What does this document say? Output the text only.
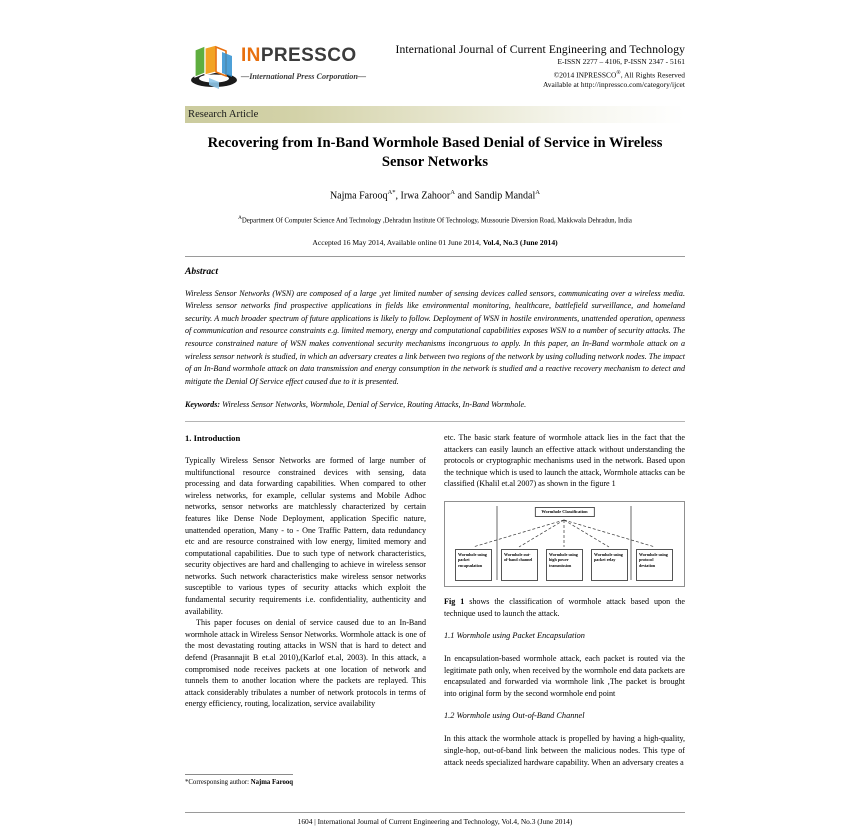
INPRESSCO —International Press Corporation—
International Journal of Current Engineering and Technology
E-ISSN 2277 – 4106, P-ISSN 2347 - 5161
©2014 INPRESSCO®, All Rights Reserved
Available at http://inpressco.com/category/ijcet
Research Article
Recovering from In-Band Wormhole Based Denial of Service in Wireless Sensor Networks
Najma Farooq$^{A*}$, Irwa Zahoor$^A$ and Sandip Mandal$^A$
$^A$Department Of Computer Science And Technology ,Dehradun Institute Of Technology, Mussourie Diversion Road, Makkwala Dehradun, India
Accepted 16 May 2014, Available online 01 June 2014, Vol.4, No.3 (June 2014)
Abstract

Wireless Sensor Networks (WSN) are composed of a large ,yet limited number of sensing devices called sensors, communicating over a wireless media. Wireless sensor networks find prospective applications in fields like environmental monitoring, healthcare, battlefield surveillance, and homeland security. A much broader spectrum of future applications is likely to follow. Deployment of WSN in hostile environments, unattended operation, openness of communication and resource constraints e.g. limited memory, energy and computational capabilities exposes WSN to a number of security attacks. The resource constrained nature of WSN makes conventional security mechanisms incongruous to apply. In this paper, an In-Band wormhole attack on a wireless sensor network is studied, in which an adversary creates a link between two regions of the network by using colluding network nodes. The impact of an In-Band wormhole attack on data transmission and energy consumption in the network is studied and a reactive recovery mechanism to detect and mitigate the Denial Of Service effect caused due to it is presented.

Keywords: Wireless Sensor Networks, Wormhole, Denial of Service, Routing Attacks, In-Band Wormhole.

1. Introduction

Typically Wireless Sensor Networks are formed of large number of multifunctional resource constrained devices with sensing, data processing and data forwarding capabilities. When compared to other wireless networks, for example, cellular systems and Mobile Adhoc networks, sensor networks are matchlessly characterized by certain features like Dense Node Deployment, application Specific nature, unattended operation, Many - to - One Traffic Pattern, data redundancy etc and are resource constrained with low energy, limited memory and computational capabilities. Due to such type of network characteristics, security objectives are hard and challenging to achieve in wireless sensor networks. Such network characteristics make wireless sensor networks susceptible to various types of security attacks which exploit the fundamental security requirements i.e. confidentiality, authenticity and availability.

This paper focuses on denial of service caused due to an In-Band wormhole attack in Wireless Sensor Networks. Wormhole attack is one of the most devastating routing attacks in WSN that is hard to detect and defend (Prasannajit B et.al 2010),(Karlof et.al, 2003). In this attack, a compromised node receives packets at one location of network and tunnels them to another location where the packets are replayed. This attack considerably tribulates a number of network protocols in terms of energy efficiency, routing, localization, service availability

*Corresponsing author: Najma Farooq

etc. The basic stark feature of wormhole attack lies in the fact that the attackers can easily launch an effective attack without understanding the protocols or cryptographic mechanisms used in the network. Based upon the technique which is used to launch the attack, Wormhole attacks can be classified (Khalil et.al 2007) as shown in the figure 1

Wormhole Classification
Wormhole using packet encapsulation
Wormhole out-of-band channel
Wormhole using high power transmission
Wormhole using packet relay
Wormhole using protocol deviation

Fig 1 shows the classification of wormhole attack based upon the technique used to launch the attack.

1.1 Wormhole using Packet Encapsulation

In encapsulation-based wormhole attack, each packet is routed via the legitimate path only, when received by the wormhole end data packets are encapsulated and forwarded via wormhole link ,The packet is brought into original form by the second wormhole end point

1.2 Wormhole using Out-of-Band Channel

In this attack the wormhole attack is propelled by having a high-quality, single-hop, out-of-band link between the malicious nodes. This type of attack needs specialized hardware capability. When an adversary creates a

1604 | International Journal of Current Engineering and Technology, Vol.4, No.3 (June 2014)
